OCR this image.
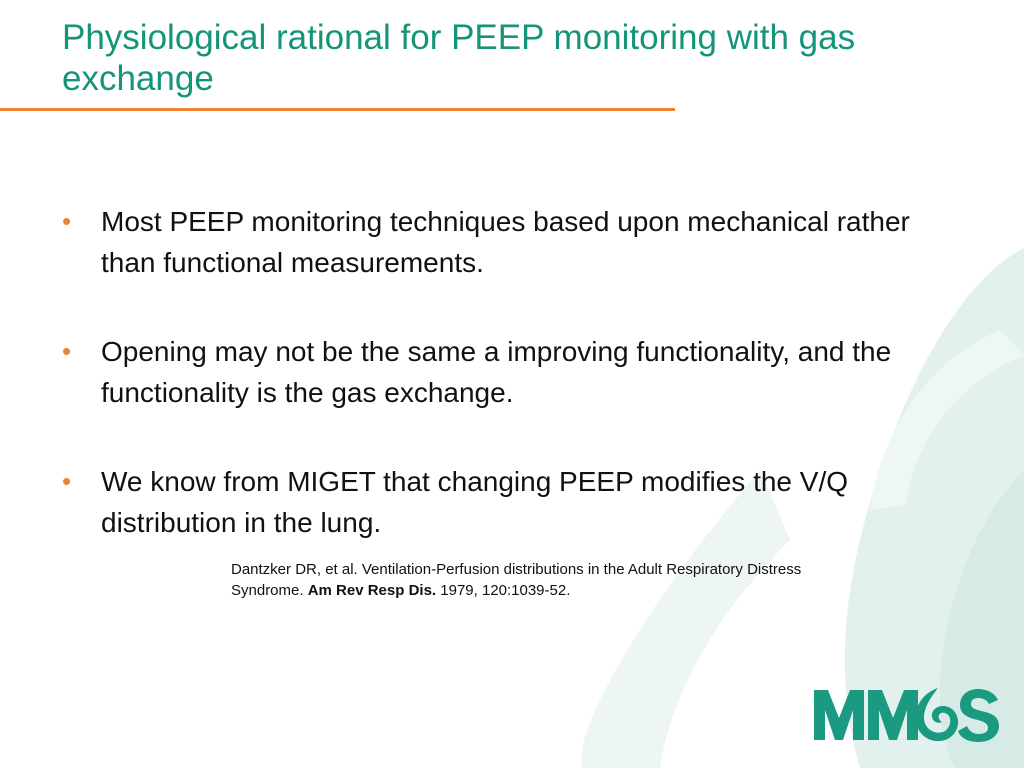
Physiological rational for PEEP monitoring with gas exchange
• Most PEEP monitoring techniques based upon mechanical rather than functional measurements.
• Opening may not be the same a improving functionality, and the functionality is the gas exchange.
• We know from MIGET that changing PEEP modifies the V/Q distribution in the lung.
Dantzker DR, et al. Ventilation-Perfusion distributions in the Adult Respiratory Distress Syndrome. Am Rev Resp Dis. 1979, 120:1039-52.
